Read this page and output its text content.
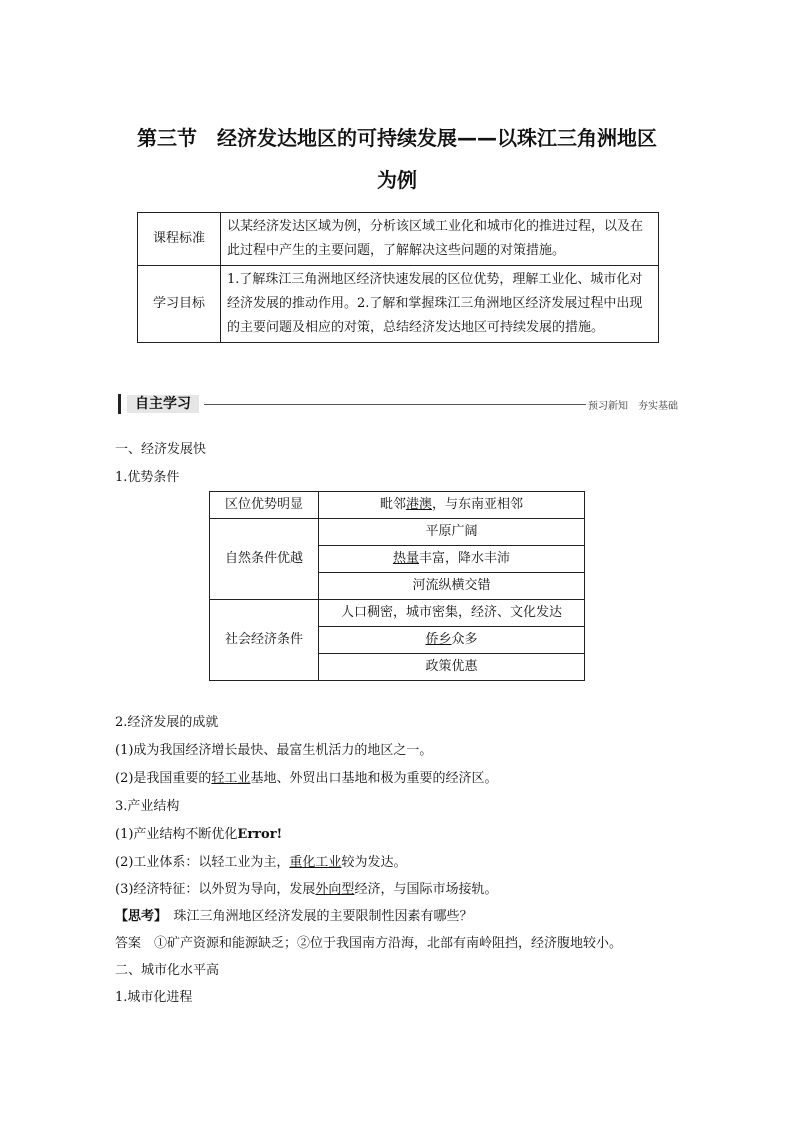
第三节　经济发达地区的可持续发展——以珠江三角洲地区
为例
课程标准	以某经济发达区域为例，分析该区域工业化和城市化的推进过程，以及在此过程中产生的主要问题，了解解决这些问题的对策措施。
学习目标	1.了解珠江三角洲地区经济快速发展的区位优势，理解工业化、城市化对经济发展的推动作用。2.了解和掌握珠江三角洲地区经济发展过程中出现的主要问题及相应的对策，总结经济发达地区可持续发展的措施。
自主学习	预习新知　夯实基础
一、经济发展快
1.优势条件
区位优势明显	毗邻港澳，与东南亚相邻
自然条件优越	平原广阔
	热量丰富，降水丰沛
	河流纵横交错
社会经济条件	人口稠密，城市密集，经济、文化发达
	侨乡众多
	政策优惠

2.经济发展的成就
(1)成为我国经济增长最快、最富生机活力的地区之一。
(2)是我国重要的轻工业基地、外贸出口基地和极为重要的经济区。
3.产业结构
(1)产业结构不断优化Error!
(2)工业体系：以轻工业为主，重化工业较为发达。
(3)经济特征：以外贸为导向，发展外向型经济，与国际市场接轨。
【思考】  珠江三角洲地区经济发展的主要限制性因素有哪些？
答案  ①矿产资源和能源缺乏；②位于我国南方沿海，北部有南岭阻挡，经济腹地较小。
二、城市化水平高
1.城市化进程
